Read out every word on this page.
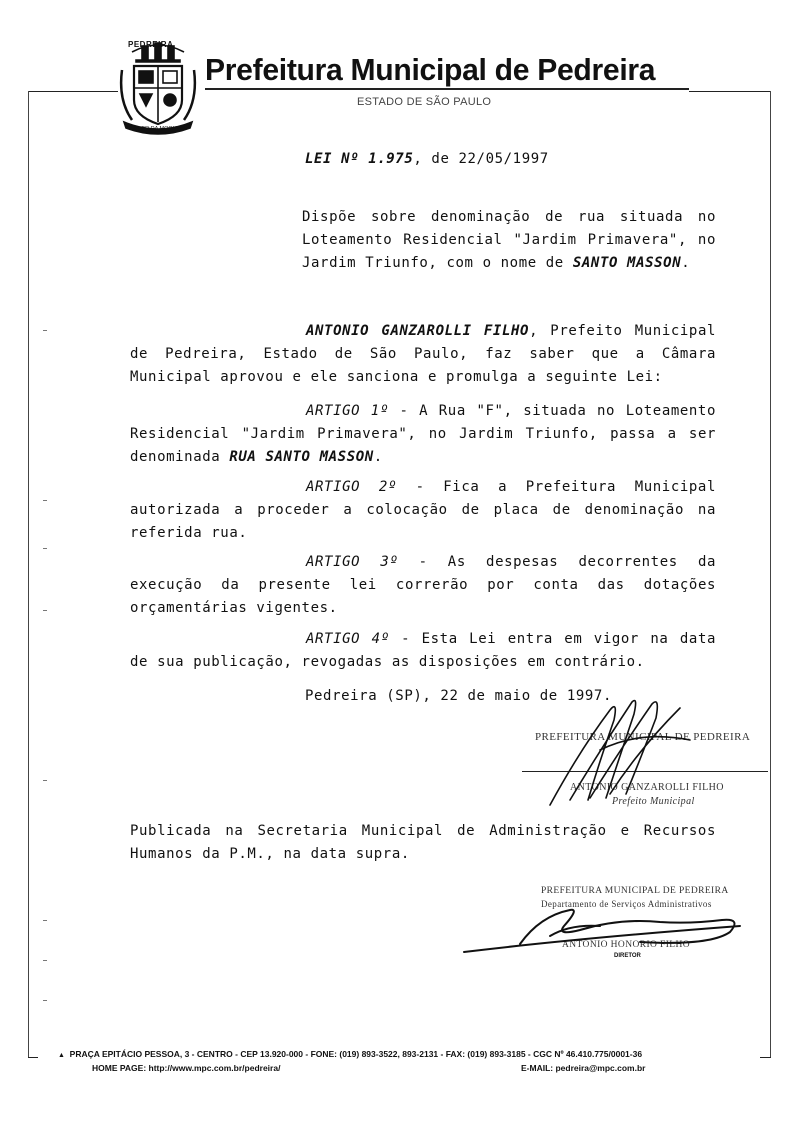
PEDREIRA
FLOR DA MOGIANA
Prefeitura Municipal de Pedreira
ESTADO DE SÃO PAULO
LEI Nº 1.975, de 22/05/1997
Dispõe sobre denominação de rua situada no Loteamento Residencial "Jardim Primavera", no Jardim Triunfo, com o nome de SANTO MASSON.
ANTONIO GANZAROLLI FILHO, Prefeito Municipal de Pedreira, Estado de São Paulo, faz saber que a Câmara Municipal aprovou e ele sanciona e promulga a seguinte Lei:
ARTIGO 1º - A Rua "F", situada no Loteamento Residencial "Jardim Primavera", no Jardim Triunfo, passa a ser denominada RUA SANTO MASSON.
ARTIGO 2º - Fica a Prefeitura Municipal autorizada a proceder a colocação de placa de denominação na referida rua.
ARTIGO 3º - As despesas decorrentes da execução da presente lei correrão por conta das dotações orçamentárias vigentes.
ARTIGO 4º - Esta Lei entra em vigor na data de sua publicação, revogadas as disposições em contrário.
Pedreira (SP), 22 de maio de 1997.
PREFEITURA MUNICIPAL DE PEDREIRA
ANTONIO GANZAROLLI FILHO
Prefeito Municipal
Publicada na Secretaria Municipal de Administração e Recursos Humanos da P.M., na data supra.
PREFEITURA MUNICIPAL DE PEDREIRA
Departamento de Serviços Administrativos
ANTONIO HONORIO FILHO
DIRETOR
▲ PRAÇA EPITÁCIO PESSOA, 3 - CENTRO - CEP 13.920-000 - FONE: (019) 893-3522, 893-2131 - FAX: (019) 893-3185 - CGC Nº 46.410.775/0001-36
HOME PAGE: http://www.mpc.com.br/pedreira/	E-MAIL: pedreira@mpc.com.br
